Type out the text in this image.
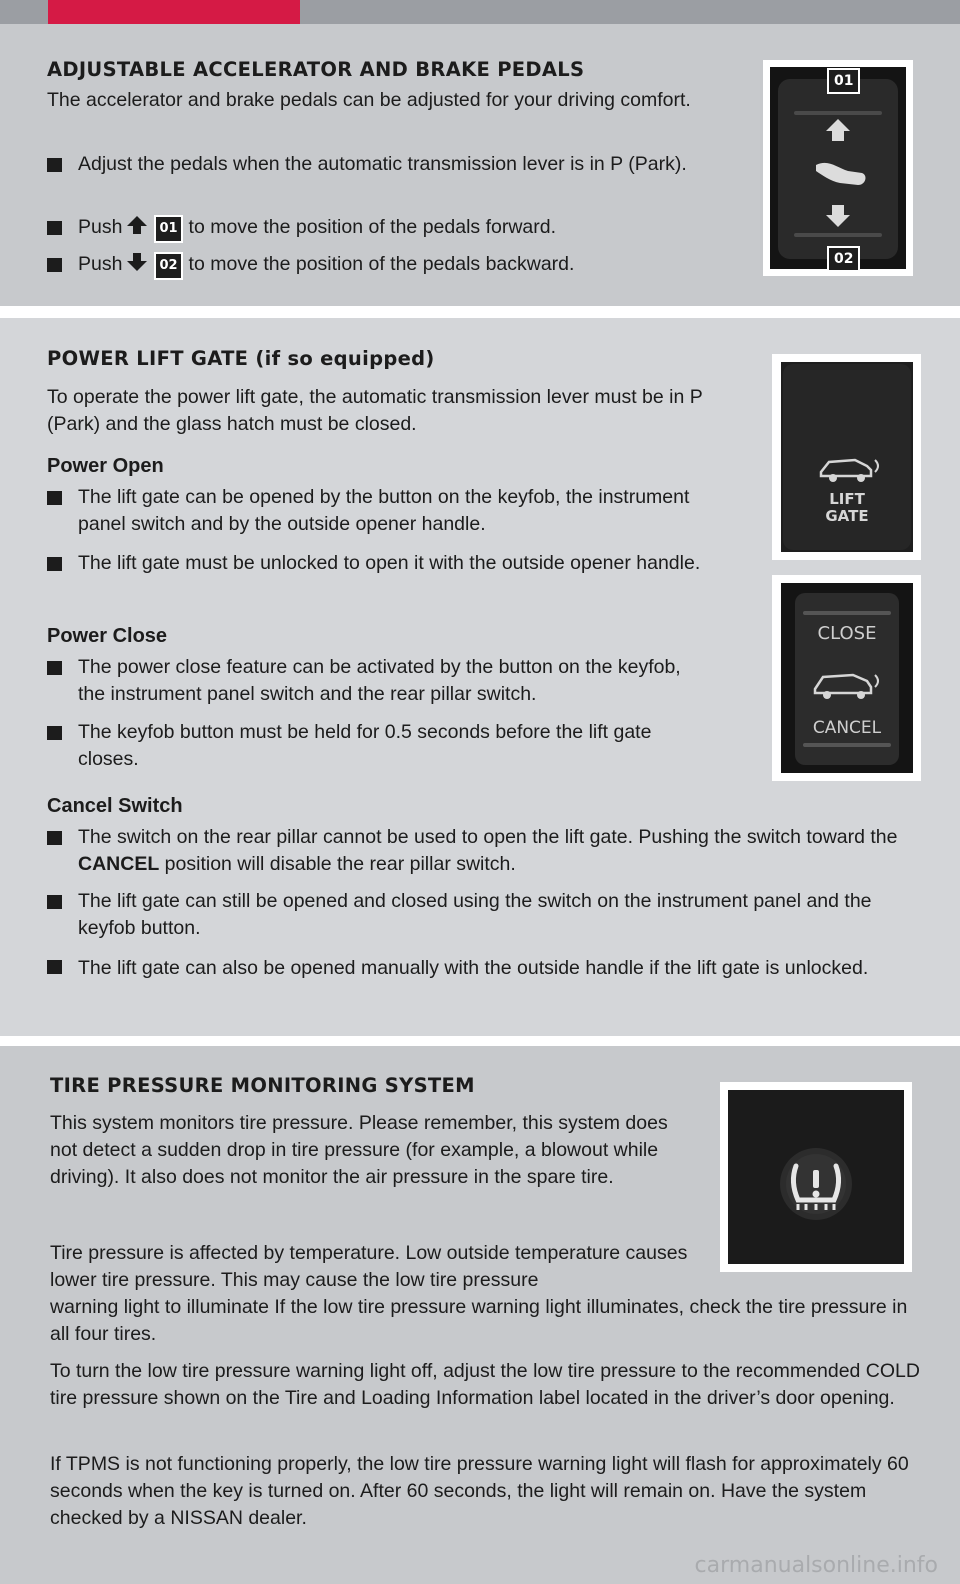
ADJUSTABLE ACCELERATOR AND BRAKE PEDALS

The accelerator and brake pedals can be adjusted for your driving comfort.

Adjust the pedals when the automatic transmission lever is in P (Park).

Push	01 to move the position of the pedals forward.

Push	02 to move the position of the pedals backward.

01
02
POWER LIFT GATE (if so equipped)

To operate the power lift gate, the automatic transmission lever must be in P (Park) and the glass hatch must be closed.

Power Open

The lift gate can be opened by the button on the keyfob, the instrument panel switch and by the outside opener handle.

The lift gate must be unlocked to open it with the outside opener handle.

Power Close

The power close feature can be activated by the button on the keyfob, the instrument panel switch and the rear pillar switch.

The keyfob button must be held for 0.5 seconds before the lift gate closes.

Cancel Switch

The switch on the rear pillar cannot be used to open the lift gate. Pushing the switch toward the CANCEL position will disable the rear pillar switch.

The lift gate can still be opened and closed using the switch on the instrument panel and the keyfob button.

The lift gate can also be opened manually with the outside handle if the lift gate is unlocked.

LIFT
GATE
CLOSE
CANCEL
TIRE PRESSURE MONITORING SYSTEM

This system monitors tire pressure. Please remember, this system does not detect a sudden drop in tire pressure (for example, a blowout while driving). It also does not monitor the air pressure in the spare tire.

Tire pressure is affected by temperature. Low outside temperature causes lower tire pressure. This may cause the low tire pressure

warning light to illuminate If the low tire pressure warning light illuminates, check the tire pressure in all four tires.

To turn the low tire pressure warning light off, adjust the low tire pressure to the recommended COLD tire pressure shown on the Tire and Loading Information label located in the driver’s door opening.

If TPMS is not functioning properly, the low tire pressure warning light will flash for approximately 60 seconds when the key is turned on. After 60 seconds, the light will remain on. Have the system checked by a NISSAN dealer.

carmanualsonline.info
